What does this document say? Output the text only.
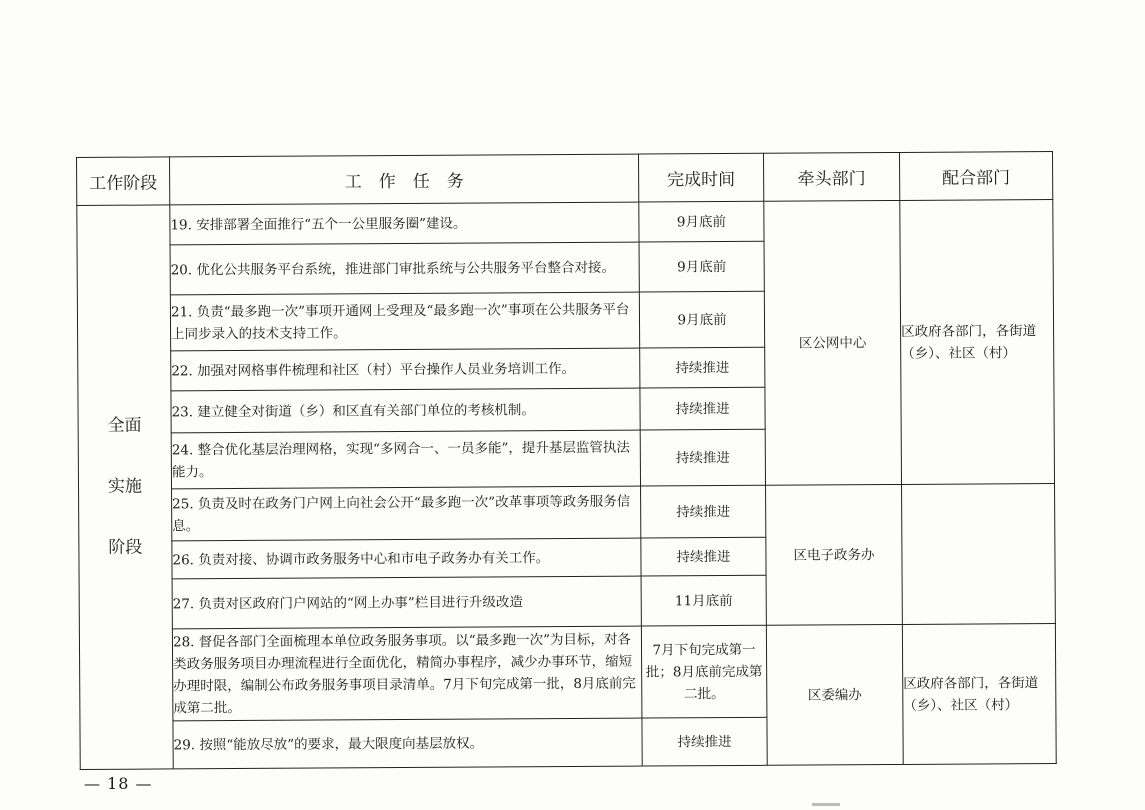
工作阶段	工　作　任　务	完成时间	牵头部门	配合部门

全面
实施
阶段	19. 安排部署全面推行“五个一公里服务圈”建设。	9月底前	区公网中心	区政府各部门，各街道（乡）、社区（村）
	20. 优化公共服务平台系统，推进部门审批系统与公共服务平台整合对接。	9月底前		
	21. 负责“最多跑一次”事项开通网上受理及“最多跑一次”事项在公共服务平台上同步录入的技术支持工作。	9月底前		
	22. 加强对网格事件梳理和社区（村）平台操作人员业务培训工作。	持续推进		
	23. 建立健全对街道（乡）和区直有关部门单位的考核机制。	持续推进		
	24. 整合优化基层治理网格，实现“多网合一、一员多能”，提升基层监管执法能力。	持续推进		
	25. 负责及时在政务门户网上向社会公开“最多跑一次”改革事项等政务服务信息。	持续推进	区电子政务办	
	26. 负责对接、协调市政务服务中心和市电子政务办有关工作。	持续推进		
	27. 负责对区政府门户网站的“网上办事”栏目进行升级改造	11月底前		
	28. 督促各部门全面梳理本单位政务服务事项。以“最多跑一次”为目标，对各类政务服务项目办理流程进行全面优化，精简办事程序，减少办事环节，缩短办理时限，编制公布政务服务事项目录清单。7月下旬完成第一批，8月底前完成第二批。	7月下旬完成第一批；8月底前完成第二批。	区委编办	区政府各部门，各街道（乡）、社区（村）
	29. 按照“能放尽放”的要求，最大限度向基层放权。	持续推进		
— 18 —
